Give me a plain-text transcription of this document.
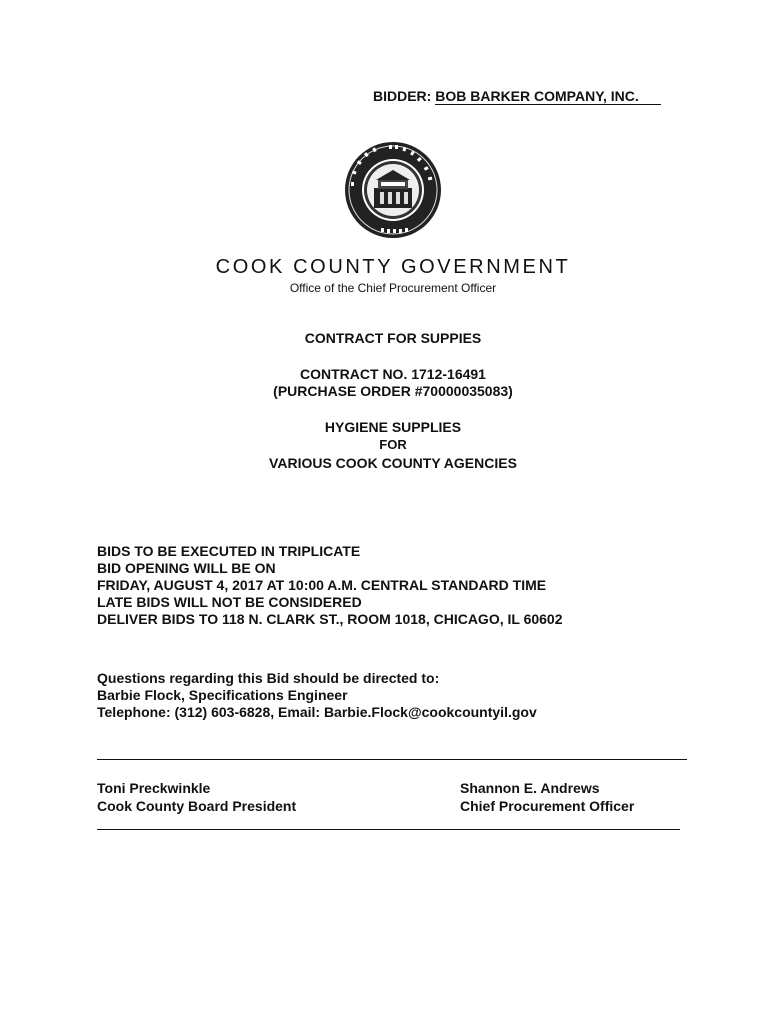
BIDDER: BOB BARKER COMPANY, INC.
COOK COUNTY GOVERNMENT
Office of the Chief Procurement Officer
CONTRACT FOR SUPPIES
CONTRACT NO. 1712-16491
(PURCHASE ORDER #70000035083)
HYGIENE SUPPLIES
FOR
VARIOUS COOK COUNTY AGENCIES
BIDS TO BE EXECUTED IN TRIPLICATE
BID OPENING WILL BE ON
FRIDAY, AUGUST 4, 2017 AT 10:00 A.M. CENTRAL STANDARD TIME
LATE BIDS WILL NOT BE CONSIDERED
DELIVER BIDS TO 118 N. CLARK ST., ROOM 1018, CHICAGO, IL 60602
Questions regarding this Bid should be directed to:
Barbie Flock, Specifications Engineer
Telephone: (312) 603-6828, Email: Barbie.Flock@cookcountyil.gov
Toni Preckwinkle
Cook County Board President
Shannon E. Andrews
Chief Procurement Officer
